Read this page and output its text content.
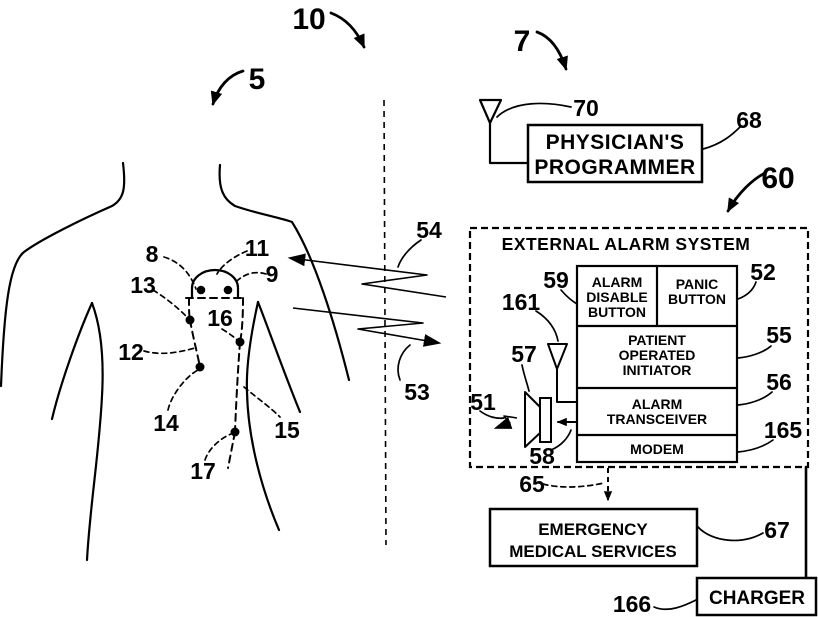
PHYSICIAN'S
PROGRAMMER
EXTERNAL ALARM SYSTEM
ALARM
DISABLE
BUTTON
PANIC
BUTTON
PATIENT
OPERATED
INITIATOR
ALARM
TRANSCEIVER
MODEM
EMERGENCY
MEDICAL SERVICES
CHARGER
10
5
7
60
8	11
9
13
16
12
14	15
17
54
53
70	68
59	52
55
56
165
161
57
51
58
65
67
166
